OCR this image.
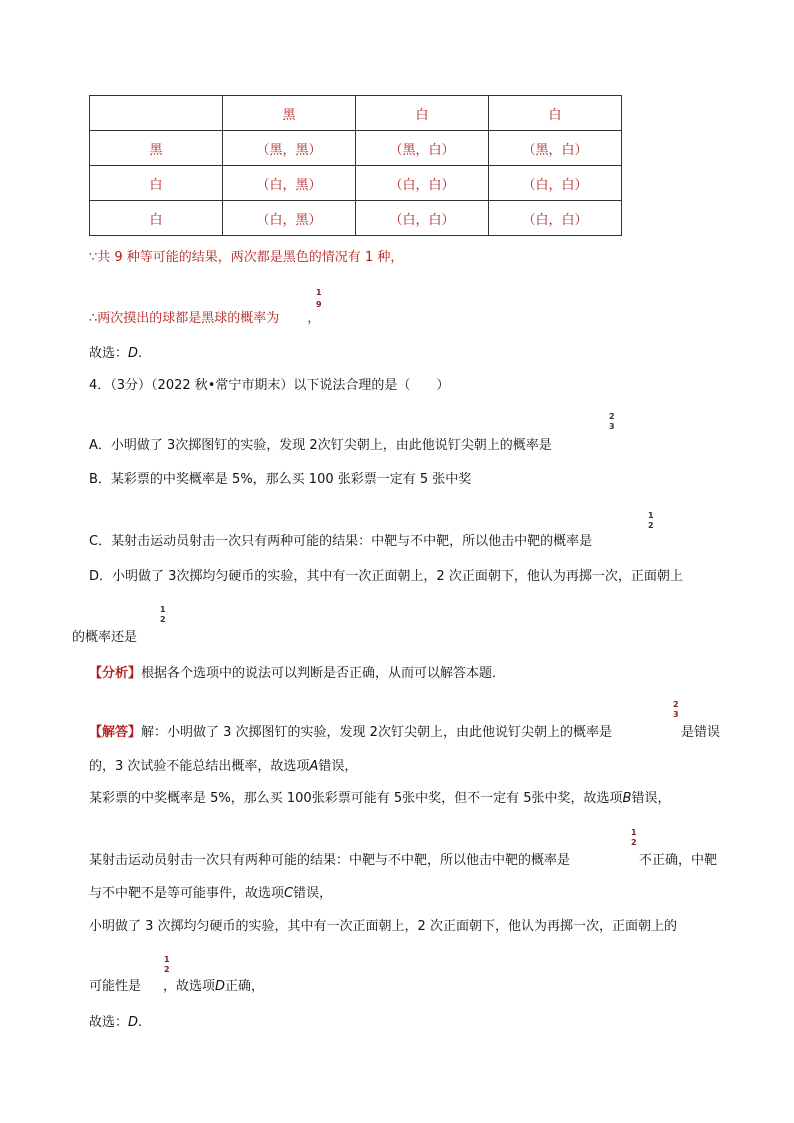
	黑	白	白
黑	（黑，黑）	（黑，白）	（黑，白）
白	（白，黑）	（白，白）	（白，白）
白	（白，黑）	（白，白）	（白，白）
∵共 9 种等可能的结果，两次都是黑色的情况有 1 种，
∴两次摸出的球都是黑球的概率为 ，
1
9
故选：D.
4．（3分）（2022 秋•常宁市期末）以下说法合理的是（　　）
A．小明做了 3次掷图钉的实验，发现 2次钉尖朝上，由此他说钉尖朝上的概率是
2
3
B．某彩票的中奖概率是 5%，那么买 100 张彩票一定有 5 张中奖
C．某射击运动员射击一次只有两种可能的结果：中靶与不中靶，所以他击中靶的概率是
1
2
D．小明做了 3次掷均匀硬币的实验，其中有一次正面朝上，2 次正面朝下，他认为再掷一次，正面朝上
的概率还是
1
2
【分析】根据各个选项中的说法可以判断是否正确，从而可以解答本题．
【解答】解：小明做了 3 次掷图钉的实验，发现 2次钉尖朝上，由此他说钉尖朝上的概率是
2
3
是错误
的，3 次试验不能总结出概率，故选项A错误，
某彩票的中奖概率是 5%，那么买 100张彩票可能有 5张中奖，但不一定有 5张中奖，故选项B错误，
某射击运动员射击一次只有两种可能的结果：中靶与不中靶，所以他击中靶的概率是
1
2
不正确，中靶
与不中靶不是等可能事件，故选项C错误，
小明做了 3 次掷均匀硬币的实验，其中有一次正面朝上，2 次正面朝下，他认为再掷一次，正面朝上的
可能性是 ，故选项D正确，
1
2
故选：D.
